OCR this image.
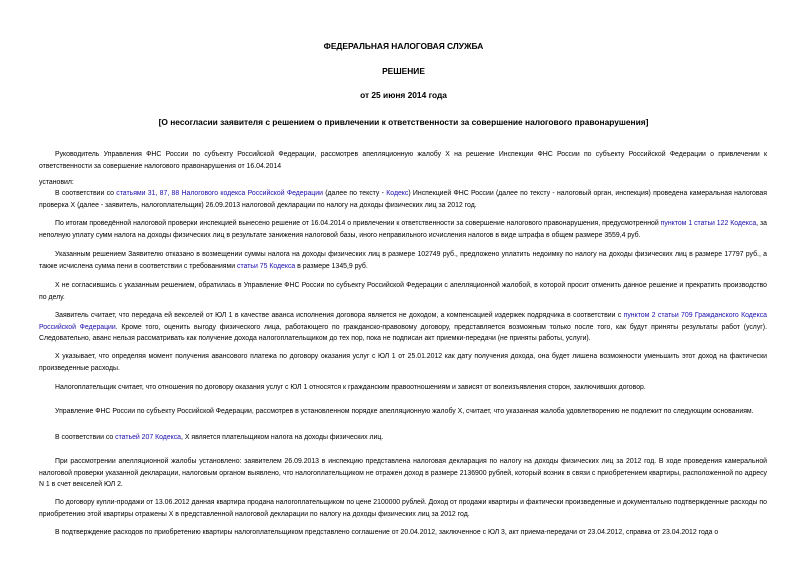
ФЕДЕРАЛЬНАЯ НАЛОГОВАЯ СЛУЖБА
РЕШЕНИЕ
от 25 июня 2014 года
[О несогласии заявителя с решением о привлечении к ответственности за совершение налогового правонарушения]
Руководитель Управления ФНС России по субъекту Российской Федерации, рассмотрев апелляционную жалобу Х на решение Инспекции ФНС России по субъекту Российской Федерации о привлечении к ответственности за совершение налогового правонарушения от 16.04.2014
установил:
В соответствии со статьями 31, 87, 88 Налогового кодекса Российской Федерации (далее по тексту - Кодекс) Инспекцией ФНС России (далее по тексту - налоговый орган, инспекция) проведена камеральная налоговая проверка Х (далее - заявитель, налогоплательщик) 26.09.2013 налоговой декларации по налогу на доходы физических лиц за 2012 год.
По итогам проведённой налоговой проверки инспекцией вынесено решение от 16.04.2014 о привлечении к ответственности за совершение налогового правонарушения, предусмотренной пунктом 1 статьи 122 Кодекса, за неполную уплату сумм налога на доходы физических лиц в результате занижения налоговой базы, иного неправильного исчисления налогов в виде штрафа в общем размере 3559,4 руб.
Указанным решением Заявителю отказано в возмещении суммы налога на доходы физических лиц в размере 102749 руб., предложено уплатить недоимку по налогу на доходы физических лиц в размере 17797 руб., а также исчислена сумма пени в соответствии с требованиями статьи 75 Кодекса в размере 1345,9 руб.
Х не согласившись с указанным решением, обратилась в Управление ФНС России по субъекту Российской Федерации с апелляционной жалобой, в которой просит отменить данное решение и прекратить производство по делу.
Заявитель считает, что передача ей векселей от ЮЛ 1 в качестве аванса исполнения договора является не доходом, а компенсацией издержек подрядчика в соответствии с пунктом 2 статьи 709 Гражданского Кодекса Российской Федерации. Кроме того, оценить выгоду физического лица, работающего по гражданско-правовому договору, представляется возможным только после того, как будут приняты результаты работ (услуг). Следовательно, аванс нельзя рассматривать как получение дохода налогоплательщиком до тех пор, пока не подписан акт приемки-передачи (не приняты работы, услуги).
Х указывает, что определяя момент получения авансового платежа по договору оказания услуг с ЮЛ 1 от 25.01.2012 как дату получения дохода, она будет лишена возможности уменьшить этот доход на фактически произведенные расходы.
Налогоплательщик считает, что отношения по договору оказания услуг с ЮЛ 1 относятся к гражданским правоотношениям и зависят от волеизъявления сторон, заключивших договор.
Управление ФНС России по субъекту Российской Федерации, рассмотрев в установленном порядке апелляционную жалобу Х, считает, что указанная жалоба удовлетворению не подлежит по следующим основаниям.
В соответствии со статьей 207 Кодекса, Х является плательщиком налога на доходы физических лиц.
При рассмотрении апелляционной жалобы установлено: заявителем 26.09.2013 в инспекцию представлена налоговая декларация по налогу на доходы физических лиц за 2012 год. В ходе проведения камеральной налоговой проверки указанной декларации, налоговым органом выявлено, что налогоплательщиком не отражен доход в размере 2136900 рублей, который возник в связи с приобретением квартиры, расположенной по адресу N 1 в счет векселей ЮЛ 2.
По договору купли-продажи от 13.06.2012 данная квартира продана налогоплательщиком по цене 2100000 рублей. Доход от продажи квартиры и фактически произведенные и документально подтвержденные расходы по приобретению этой квартиры отражены Х в представленной налоговой декларации по налогу на доходы физических лиц за 2012 год.
В подтверждение расходов по приобретению квартиры налогоплательщиком представлено соглашение от 20.04.2012, заключенное с ЮЛ 3, акт приема-передачи от 23.04.2012, справка от 23.04.2012 года о
